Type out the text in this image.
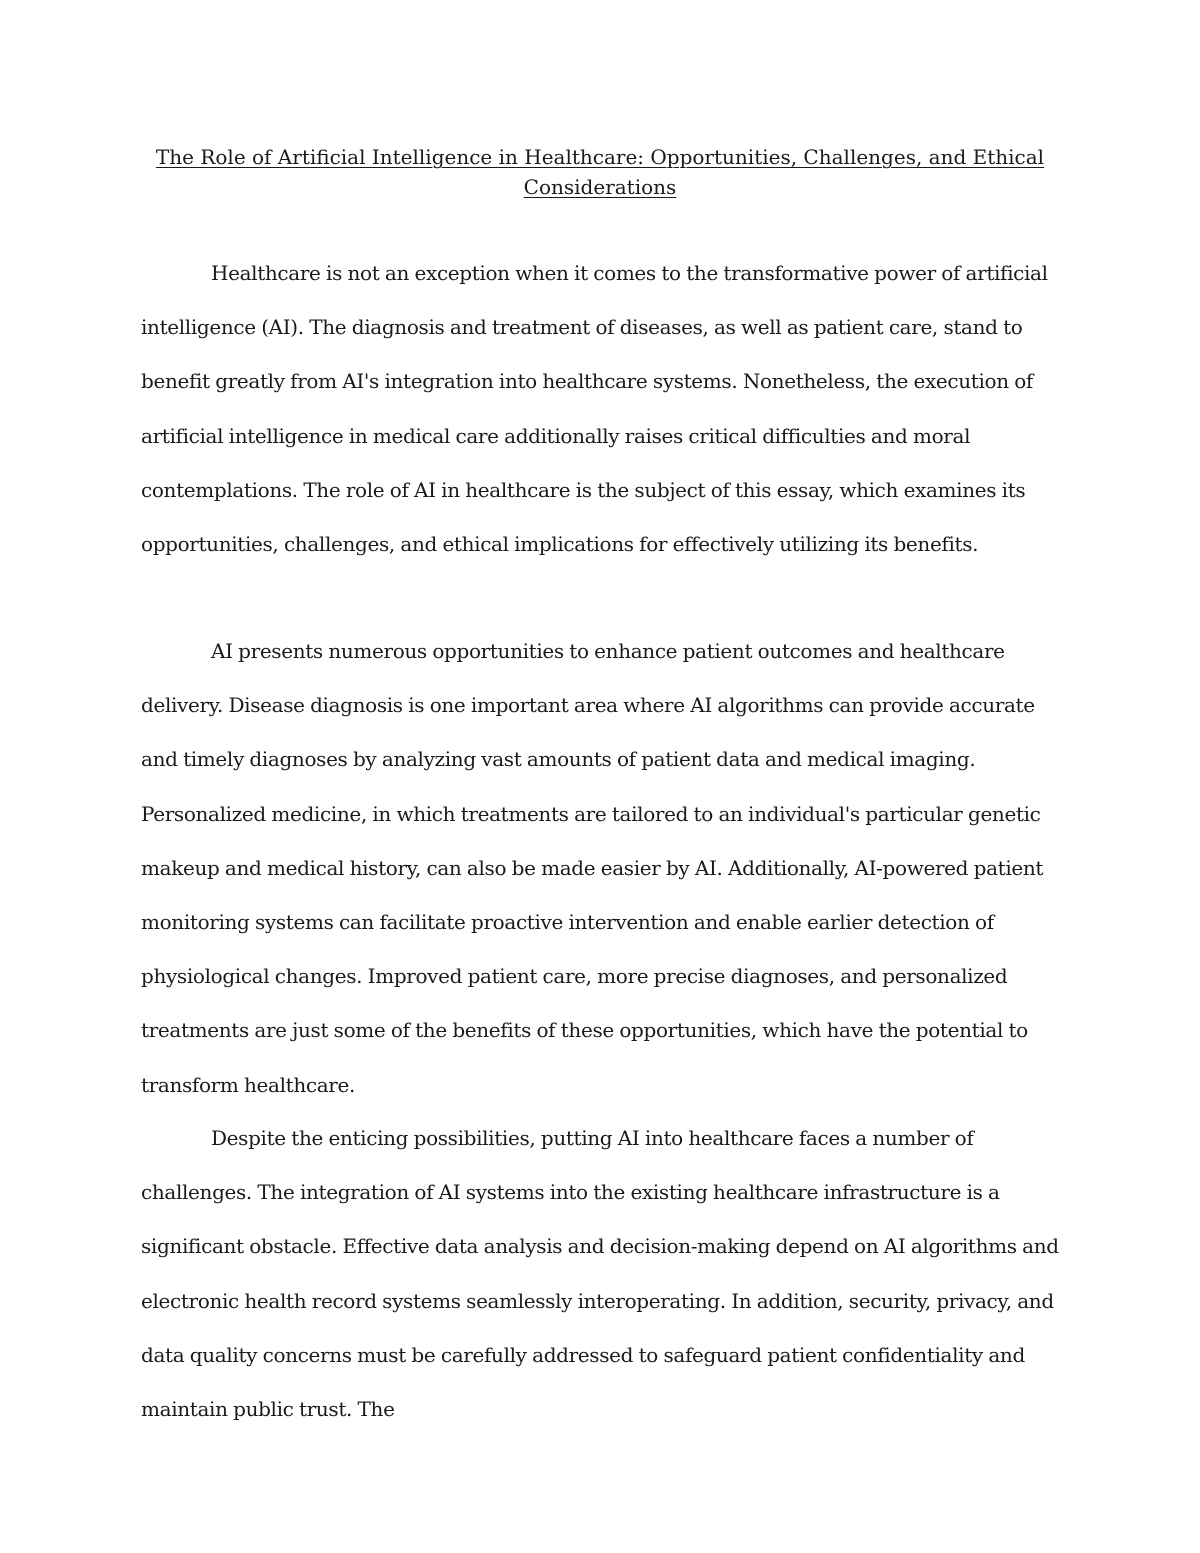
The Role of Artificial Intelligence in Healthcare: Opportunities, Challenges, and Ethical Considerations

Healthcare is not an exception when it comes to the transformative power of artificial intelligence (AI). The diagnosis and treatment of diseases, as well as patient care, stand to benefit greatly from AI's integration into healthcare systems. Nonetheless, the execution of artificial intelligence in medical care additionally raises critical difficulties and moral contemplations. The role of AI in healthcare is the subject of this essay, which examines its opportunities, challenges, and ethical implications for effectively utilizing its benefits.

AI presents numerous opportunities to enhance patient outcomes and healthcare delivery. Disease diagnosis is one important area where AI algorithms can provide accurate and timely diagnoses by analyzing vast amounts of patient data and medical imaging. Personalized medicine, in which treatments are tailored to an individual's particular genetic makeup and medical history, can also be made easier by AI. Additionally, AI-powered patient monitoring systems can facilitate proactive intervention and enable earlier detection of physiological changes. Improved patient care, more precise diagnoses, and personalized treatments are just some of the benefits of these opportunities, which have the potential to transform healthcare.

Despite the enticing possibilities, putting AI into healthcare faces a number of challenges. The integration of AI systems into the existing healthcare infrastructure is a significant obstacle. Effective data analysis and decision-making depend on AI algorithms and electronic health record systems seamlessly interoperating. In addition, security, privacy, and data quality concerns must be carefully addressed to safeguard patient confidentiality and maintain public trust. The
